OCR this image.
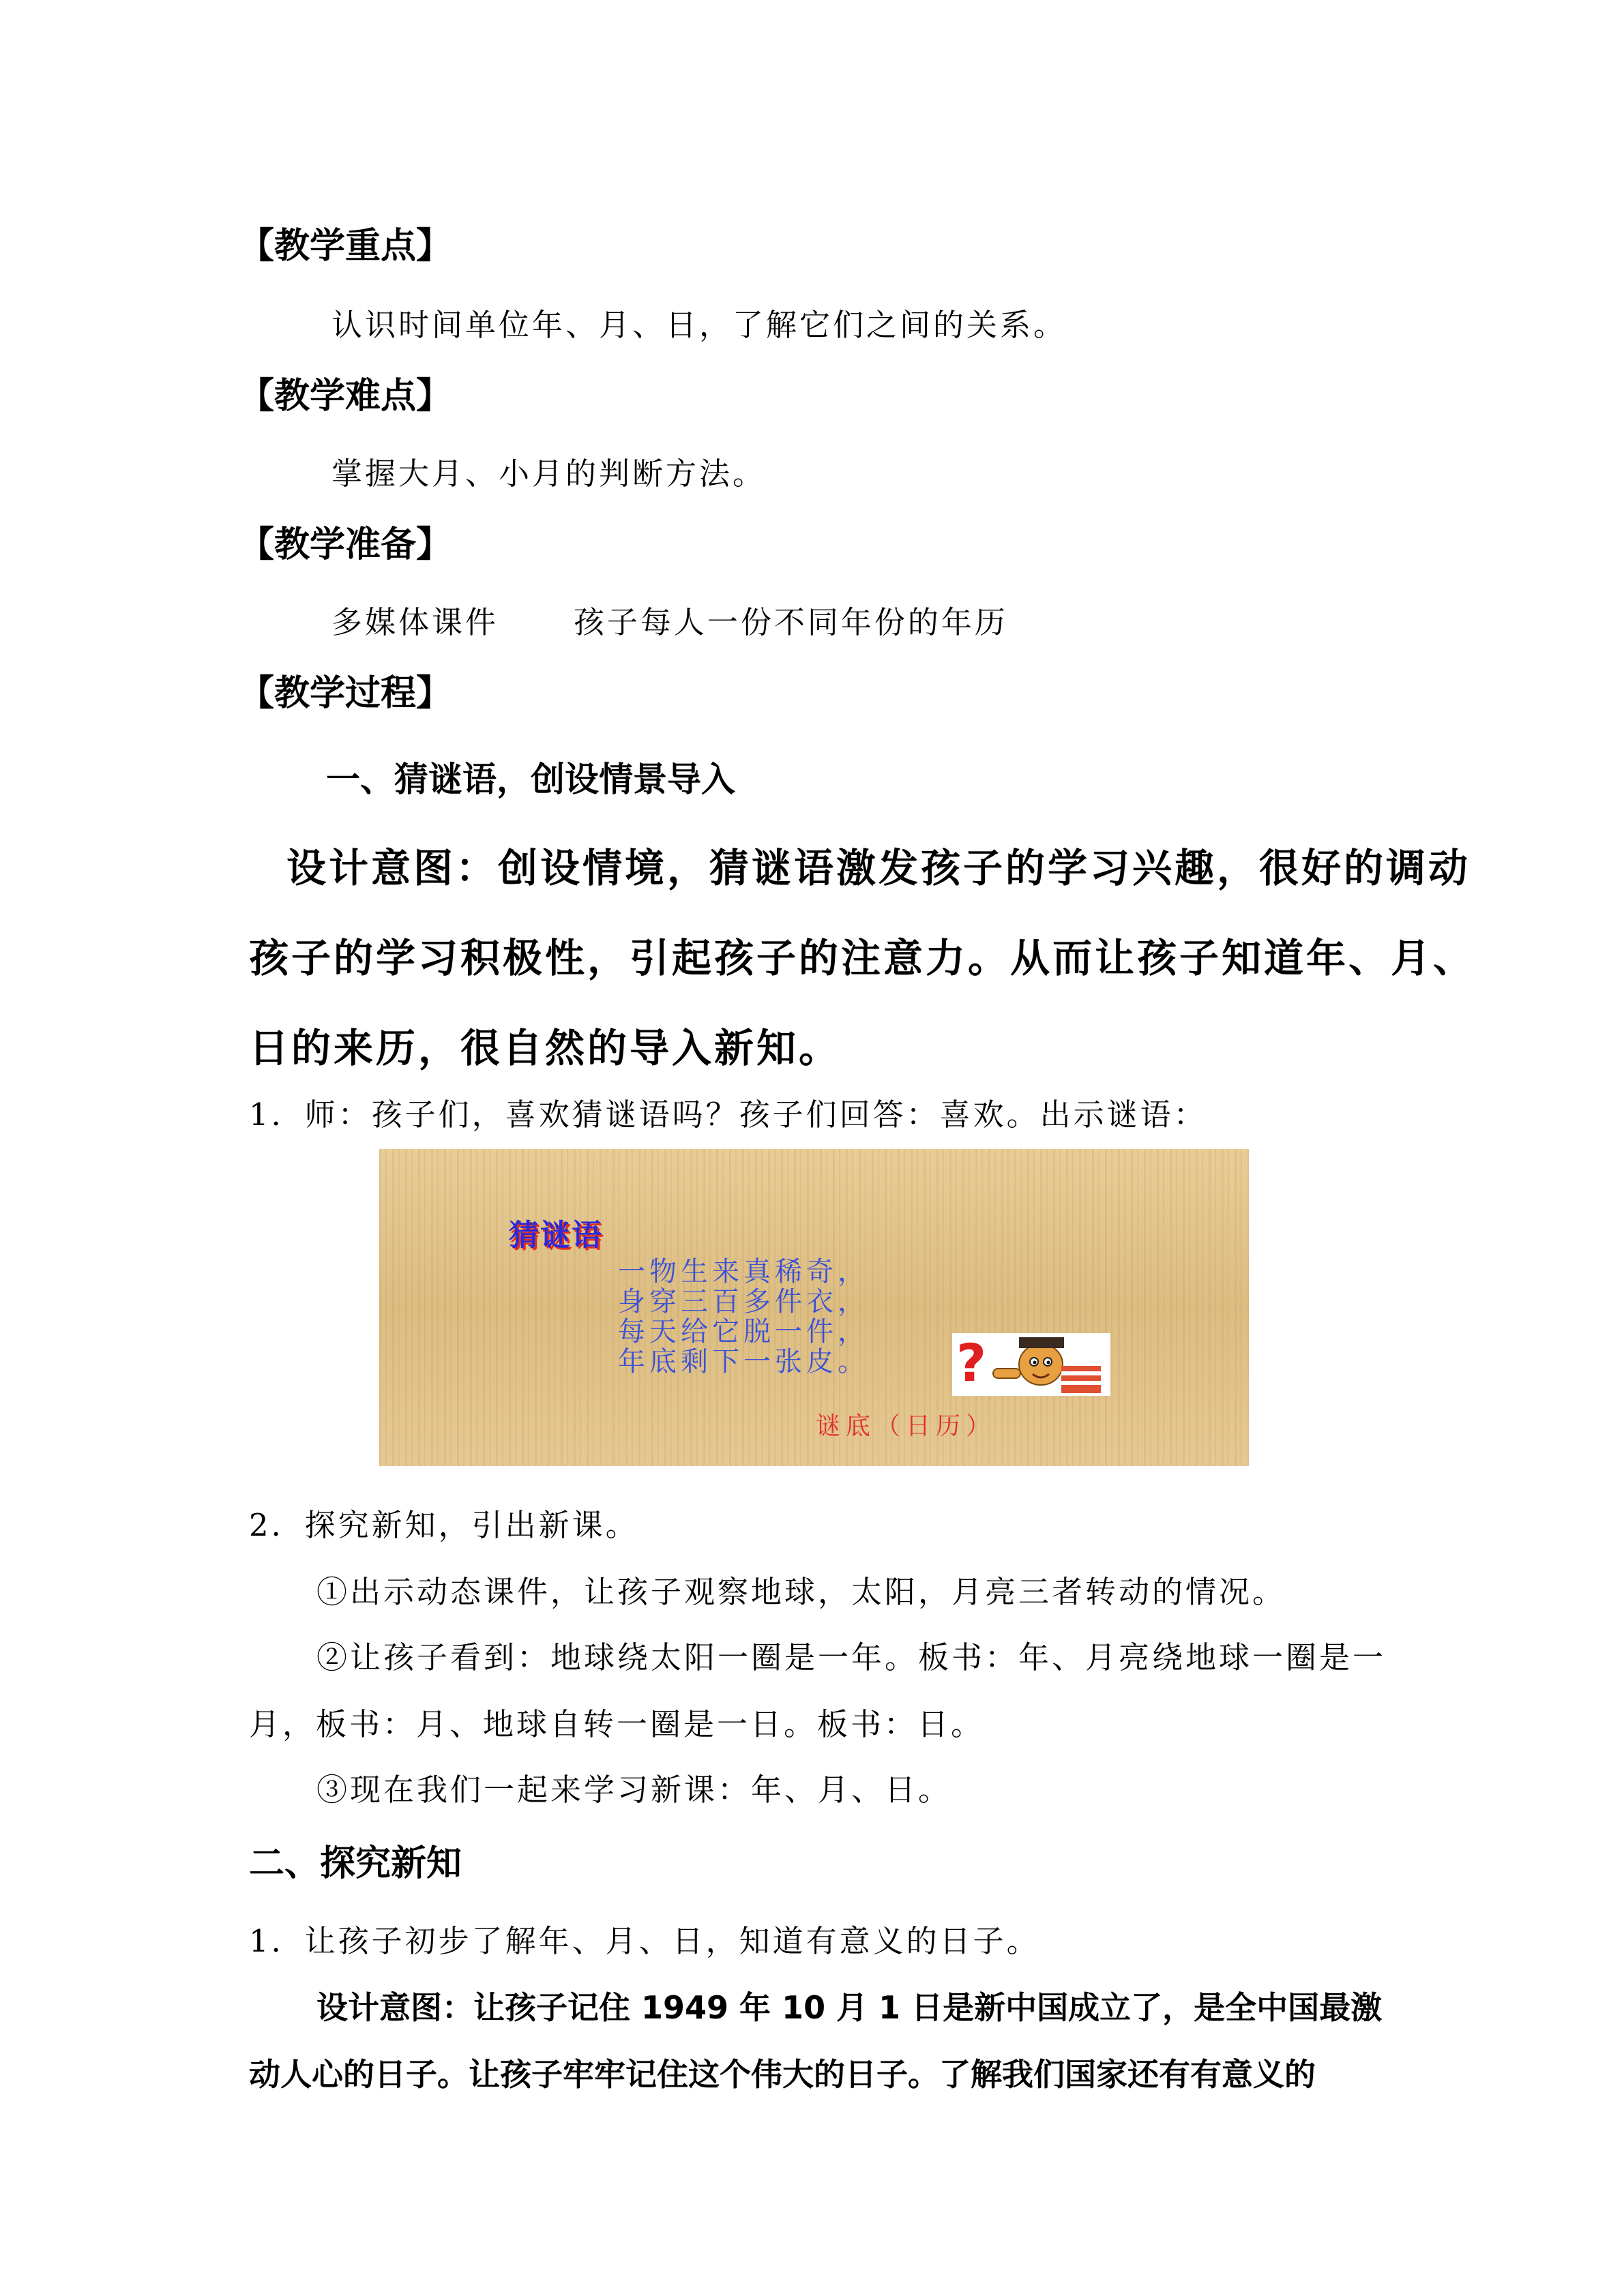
【教学重点】
认识时间单位年、月、日，了解它们之间的关系。
【教学难点】
掌握大月、小月的判断方法。
【教学准备】
多媒体课件      孩子每人一份不同年份的年历
【教学过程】
一、猜谜语，创设情景导入
设计意图：创设情境，猜谜语激发孩子的学习兴趣，很好的调动
孩子的学习积极性，引起孩子的注意力。从而让孩子知道年、月、
日的来历，很自然的导入新知。
1．师：孩子们，喜欢猜谜语吗？孩子们回答：喜欢。出示谜语：
猜谜语
一物生来真稀奇，
身穿三百多件衣，
每天给它脱一件，
年底剩下一张皮。 ?
谜底（日历）
2．探究新知，引出新课。
①出示动态课件，让孩子观察地球，太阳，月亮三者转动的情况。
②让孩子看到：地球绕太阳一圈是一年。板书：年、月亮绕地球一圈是一
月，板书：月、地球自转一圈是一日。板书：日。
③现在我们一起来学习新课：年、月、日。
二、探究新知
1．让孩子初步了解年、月、日，知道有意义的日子。
设计意图：让孩子记住 1949 年 10 月 1 日是新中国成立了，是全中国最激
动人心的日子。让孩子牢牢记住这个伟大的日子。了解我们国家还有有意义的
